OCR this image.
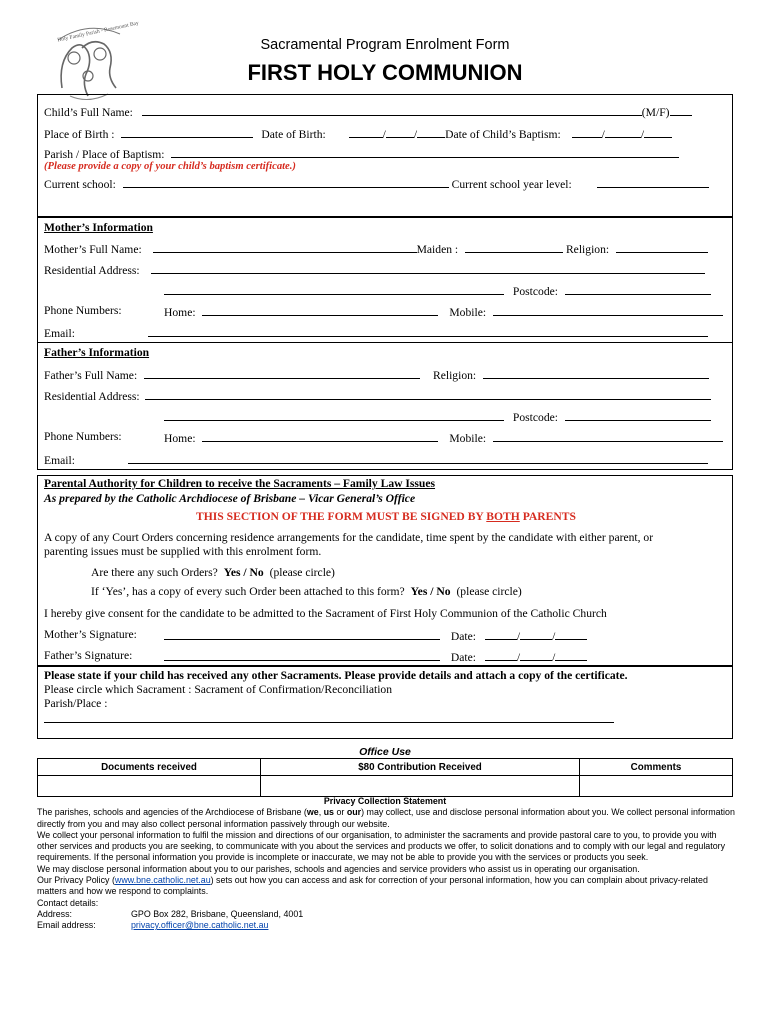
Holy Family Parish - Rosemount Bay
Sacramental Program Enrolment Form
FIRST HOLY COMMUNION
Child’s Full Name:	(M/F)
Place of Birth :	Date of Birth:	/ / Date of Child’s Baptism:	/	/
Parish / Place of Baptism:
(Please provide a copy of your child’s baptism certificate.)
Current school:	Current school year level:
Mother’s Information
Mother’s Full Name:	Maiden :	Religion:
Residential Address:
Postcode:
Phone Numbers:	Home:	Mobile:
Email:
Father’s Information
Father’s Full Name:	Religion:
Residential Address:
Postcode:
Phone Numbers:	Home:	Mobile:
Email:
Parental Authority for Children to receive the Sacraments – Family Law Issues
As prepared by the Catholic Archdiocese of Brisbane – Vicar General’s Office
THIS SECTION OF THE FORM MUST BE SIGNED BY BOTH PARENTS
A copy of any Court Orders concerning residence arrangements for the candidate, time spent by the candidate with either parent, or
parenting issues must be supplied with this enrolment form.
Are there any such Orders? Yes / No (please circle)
If ‘Yes’, has a copy of every such Order been attached to this form? Yes / No (please circle)
I hereby give consent for the candidate to be admitted to the Sacrament of First Holy Communion of the Catholic Church
Mother’s Signature:	Date:	/	/
Father’s Signature:	Date:	/	/
Please state if your child has received any other Sacraments. Please provide details and attach a copy of the certificate.
Please circle which Sacrament : Sacrament of Confirmation/Reconciliation
Parish/Place :
Office Use
Documents received	$80 Contribution Received	Comments

Privacy Collection Statement

The parishes, schools and agencies of the Archdiocese of Brisbane (we, us or our) may collect, use and disclose personal information about you. We collect personal information directly from you and may also collect personal information passively through our website.

We collect your personal information to fulfil the mission and directions of our organisation, to administer the sacraments and provide pastoral care to you, to provide you with other services and products you are seeking, to communicate with you about the services and products we offer, to solicit donations and to comply with our legal and regulatory requirements. If the personal information you provide is incomplete or inaccurate, we may not be able to provide you with the services or products you seek.

We may disclose personal information about you to our parishes, schools and agencies and service providers who assist us in operating our organisation.

Our Privacy Policy (www.bne.catholic.net.au) sets out how you can access and ask for correction of your personal information, how you can complain about privacy-related matters and how we respond to complaints.

Contact details:

Address:	GPO Box 282, Brisbane, Queensland, 4001

Email address:	privacy.officer@bne.catholic.net.au
